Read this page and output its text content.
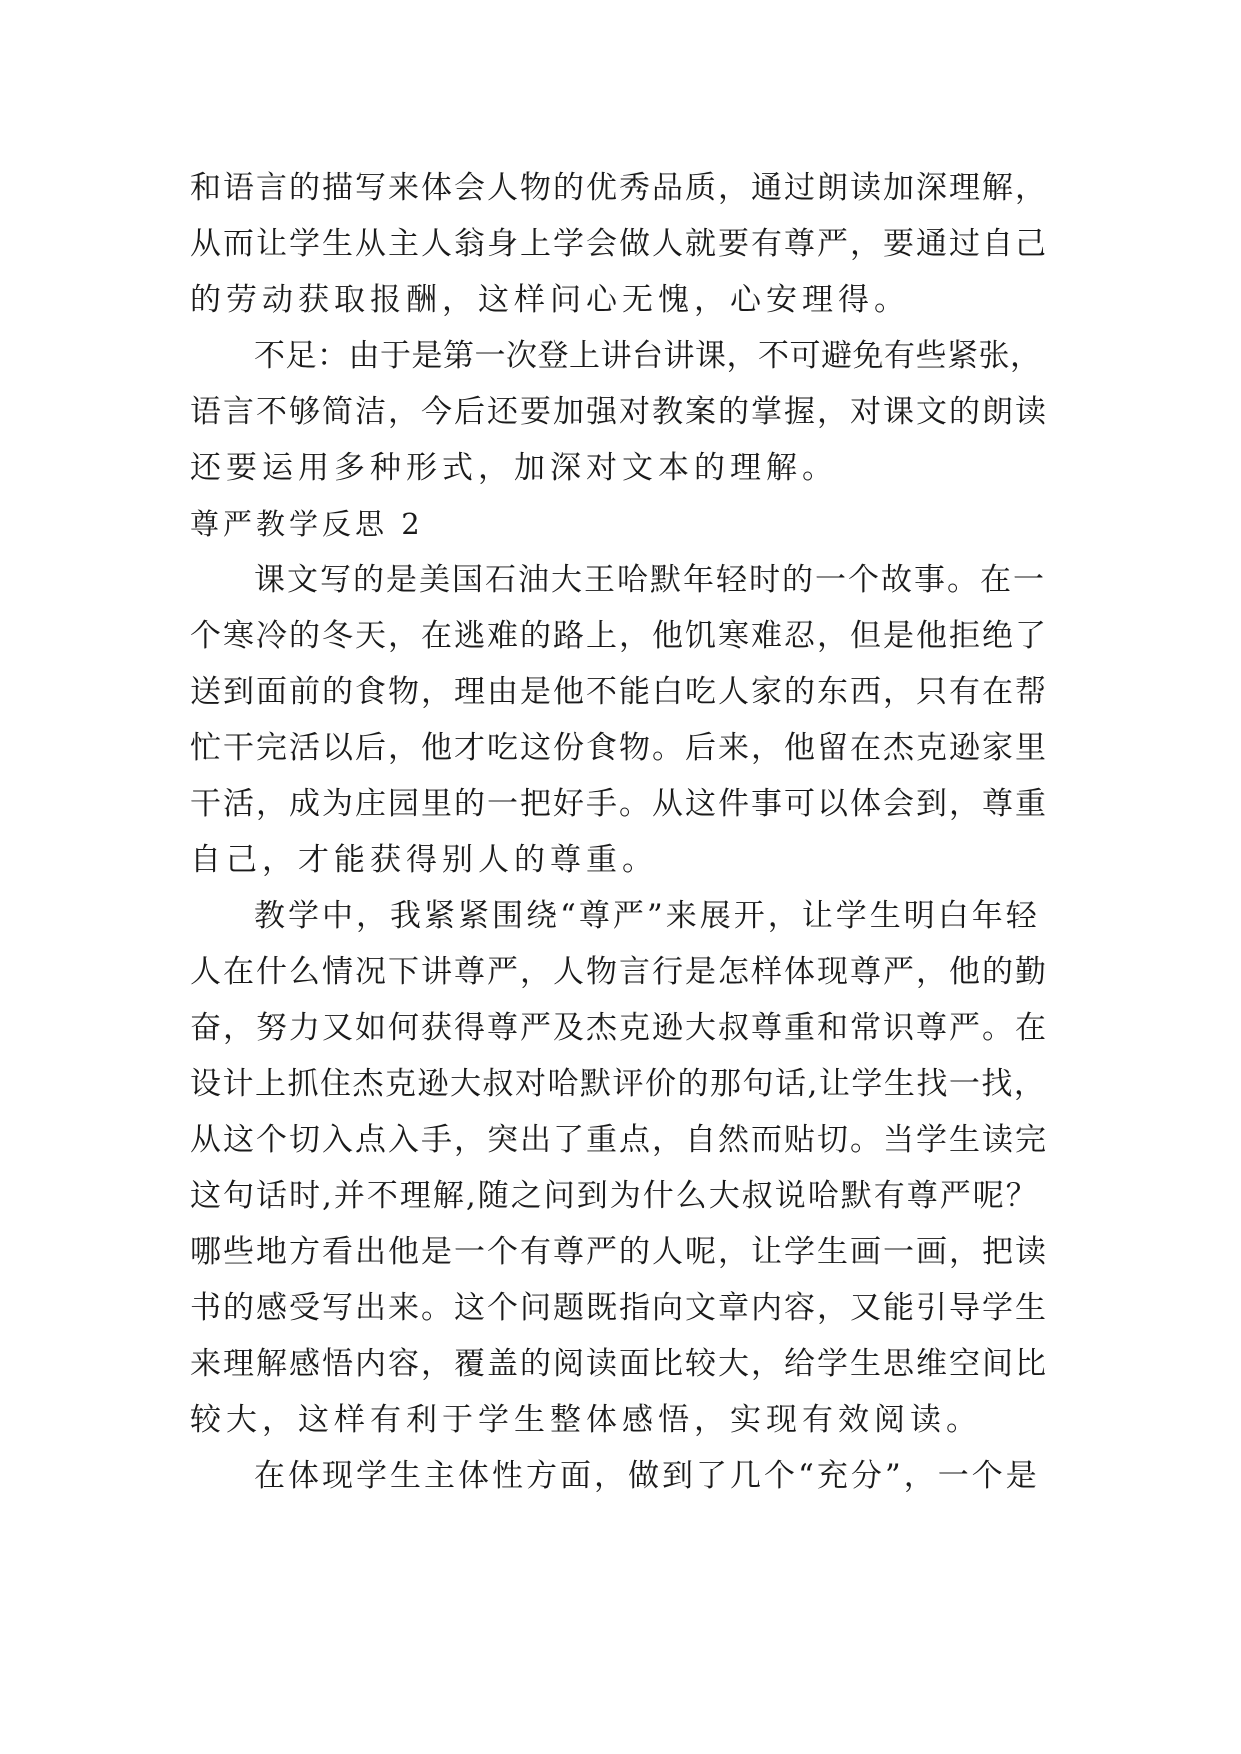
和语言的描写来体会人物的优秀品质，通过朗读加深理解，
从而让学生从主人翁身上学会做人就要有尊严，要通过自己
的劳动获取报酬，这样问心无愧，心安理得。
不足：由于是第一次登上讲台讲课，不可避免有些紧张，
语言不够简洁，今后还要加强对教案的掌握，对课文的朗读
还要运用多种形式，加深对文本的理解。
尊严教学反思 2
课文写的是美国石油大王哈默年轻时的一个故事。在一
个寒冷的冬天，在逃难的路上，他饥寒难忍，但是他拒绝了
送到面前的食物，理由是他不能白吃人家的东西，只有在帮
忙干完活以后，他才吃这份食物。后来，他留在杰克逊家里
干活，成为庄园里的一把好手。从这件事可以体会到，尊重
自己，才能获得别人的尊重。
教学中，我紧紧围绕“尊严”来展开，让学生明白年轻
人在什么情况下讲尊严，人物言行是怎样体现尊严，他的勤
奋，努力又如何获得尊严及杰克逊大叔尊重和常识尊严。在
设计上抓住杰克逊大叔对哈默评价的那句话,让学生找一找，
从这个切入点入手，突出了重点，自然而贴切。当学生读完
这句话时,并不理解,随之问到为什么大叔说哈默有尊严呢？
哪些地方看出他是一个有尊严的人呢，让学生画一画，把读
书的感受写出来。这个问题既指向文章内容，又能引导学生
来理解感悟内容，覆盖的阅读面比较大，给学生思维空间比
较大，这样有利于学生整体感悟，实现有效阅读。
在体现学生主体性方面，做到了几个“充分”，一个是
